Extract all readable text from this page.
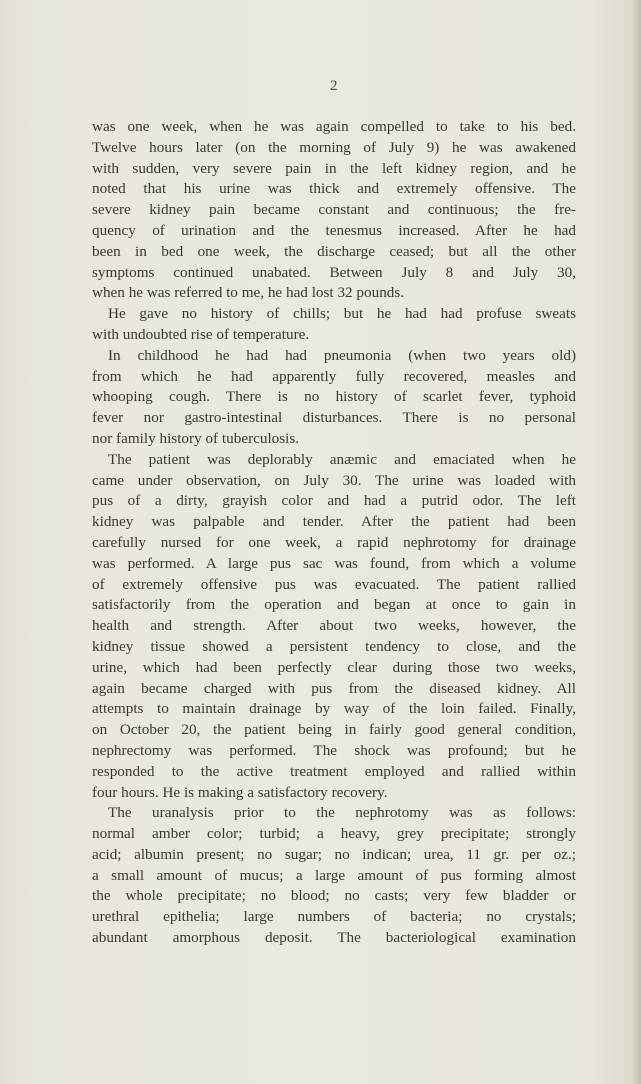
2
was one week, when he was again compelled to take to his bed.
Twelve hours later (on the morning of July 9) he was awakened
with sudden, very severe pain in the left kidney region, and he
noted that his urine was thick and extremely offensive. The
severe kidney pain became constant and continuous; the fre-
quency of urination and the tenesmus increased. After he had
been in bed one week, the discharge ceased; but all the other
symptoms continued unabated. Between July 8 and July 30,
when he was referred to me, he had lost 32 pounds.
He gave no history of chills; but he had had profuse sweats
with undoubted rise of temperature.
In childhood he had had pneumonia (when two years old)
from which he had apparently fully recovered, measles and
whooping cough. There is no history of scarlet fever, typhoid
fever nor gastro-intestinal disturbances. There is no personal
nor family history of tuberculosis.
The patient was deplorably anæmic and emaciated when he
came under observation, on July 30. The urine was loaded with
pus of a dirty, grayish color and had a putrid odor. The left
kidney was palpable and tender. After the patient had been
carefully nursed for one week, a rapid nephrotomy for drainage
was performed. A large pus sac was found, from which a volume
of extremely offensive pus was evacuated. The patient rallied
satisfactorily from the operation and began at once to gain in
health and strength. After about two weeks, however, the
kidney tissue showed a persistent tendency to close, and the
urine, which had been perfectly clear during those two weeks,
again became charged with pus from the diseased kidney. All
attempts to maintain drainage by way of the loin failed. Finally,
on October 20, the patient being in fairly good general condition,
nephrectomy was performed. The shock was profound; but he
responded to the active treatment employed and rallied within
four hours. He is making a satisfactory recovery.
The uranalysis prior to the nephrotomy was as follows:
normal amber color; turbid; a heavy, grey precipitate; strongly
acid; albumin present; no sugar; no indican; urea, 11 gr. per oz.;
a small amount of mucus; a large amount of pus forming almost
the whole precipitate; no blood; no casts; very few bladder or
urethral epithelia; large numbers of bacteria; no crystals;
abundant amorphous deposit. The bacteriological examination
